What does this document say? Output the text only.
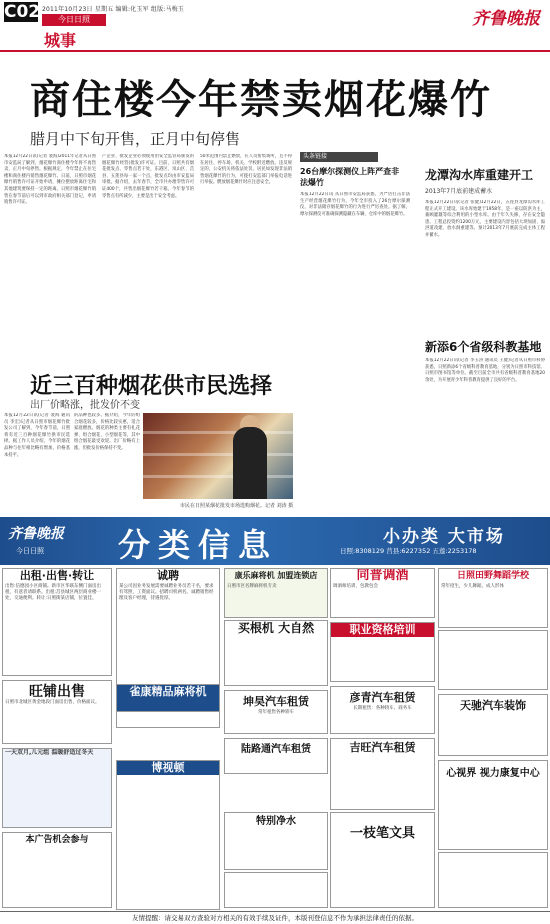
C02 2011年10月23日 星期五 编辑:化玉军 组版:马梅玉
今日日照
城事
齐鲁晚报
商住楼今年禁卖烟花爆竹
腊月中下旬开售，正月中旬停售
本报12月22日讯(记者 裴海)2011年记者从日照市安监局了解到，烟花爆竹商住楼今年将不再售卖，正月中旬停售。根据规定，今年禁止在住宅楼和商住楼内销售烟花爆竹。日前，日照市烟花爆竹销售许可证开始申请，摊位摆放距离住宅和其他建筑要保持一定的距离。日照市烟花爆竹销售在春节前后可以到市政府相关部门登记，申请销售许可证。
产企业、批发企业必须使用由安全监管局颁发的烟花爆竹经营(批发)许可证。目前，日照共有烟花批发点、零售点若干处，东港区、岚山区、莒县、五莲县每一家一个点，批发点均由市安监局审批。据介绍，去年春节，全市共办理零售许可证400个，共售出烟花爆竹若干箱。今年春节的零售点有所减少，主要是出于安全考虑。
50米范围内禁止燃放，在人员密集场所，且不得在居住、停车场、机关、学校附近燃放。违反规定的，公安机关将依法处罚。居民如发现非法销售烟花爆竹的行为，可拨打安监部门举报电话进行举报。燃放烟花爆竹时应注意安全。
头条链接
26台摩尔探测仪上阵严查非法爆竹
本报12月22日讯 从日照市安监局获悉，为严厉打击非法生产经营烟花爆竹行为，今年全市投入了26台摩尔探测仪，对非法储存烟花爆竹的行为进行严厉查处。据了解，摩尔探测仪可准确探测隐藏在车辆、仓库中的烟花爆竹。
龙潭沟水库重建开工
2013年7月底前建成蓄水
本报12月22日讯(记者 张健)12月22日，五莲县龙潭沟水库工程正式开工建设。该水库始建于1958年，是一座以防洪为主，兼顾灌溉等综合利用的小型水库。由于年久失修，存在安全隐患。工程总投资约1200万元，主要建设内容包括大坝加固、溢洪道改建、放水洞重建等。预计2013年7月底前完成主体工程并蓄水。
新添6个省级科教基地
本报12月22日讯(记者 李玉涛 通讯员 王健)记者从日照市科协获悉，日照新添6个省级科普教育基地，分别为日照市科技馆、日照市图书馆等单位。截至目前全市共有省级科普教育基地20余处，为开展青少年科普教育提供了良好的平台。
近三百种烟花供市民选择
出厂价略涨，批发价不变
本报12月22日讯(记者 裴海 通讯员 李宏)记者从日照市烟花爆竹批发公司了解到，今年春节前，日照将有近三百种烟花爆竹供市民选择。据工作人员介绍，今年的烟花品种与往年相比略有增加，价格基本持平。
的品种也较多。据介绍，今年的组合烟花较多，价格比较实惠，适合家庭燃放。烟花的种类主要有礼花弹、组合烟花、小型烟花等，其中组合烟花最受欢迎。出厂价略有上涨，但批发价格保持不变。
市民在日照某烟花批发市场选购烟花。记者 刘涛 摄
齐鲁晚报
今日日照 分类信息	小办类 大市场
日照:8308129 莒县:6227352 五莲:2253178
出租·出售·转让
出售:信德园小区商铺。新市区华联东侧门面房出租，有意者请联系。出租:莒县城区两层商业楼一处，交通便利。转让:日照街某店铺，位置佳。
诚聘
某公司因业务发展需要诚聘业务员若干名，要求有驾照，工资面议。招聘司机两名。诚聘销售经理及客户经理，待遇优厚。
康乐麻将机 加盟连锁店
日照市区名牌麻将机专卖
同普调酒
调酒师培训，包教包会
日照田野舞蹈学校
常年招生，少儿舞蹈，成人形体
旺铺出售
日照市北城区黄金地段门面房出售，价格面议。
雀康精品麻将机
买根机 大自然	职业资格培训
坤昊汽车租赁
常年租售各种轿车
彦青汽车租赁
长期租售：各种轿车、商务车	天驰汽车装饰
一天双月,儿元组 温暖舒适过冬天
博视顿
陆路通汽车租赁	吉旺汽车租赁
心视界 视力康复中心
本广告机会参与
特别净水
一枝笔文具
友情提醒：请交易双方查验对方相关的有效手续及证件，本版刊登信息不作为承担法律责任的依据。
